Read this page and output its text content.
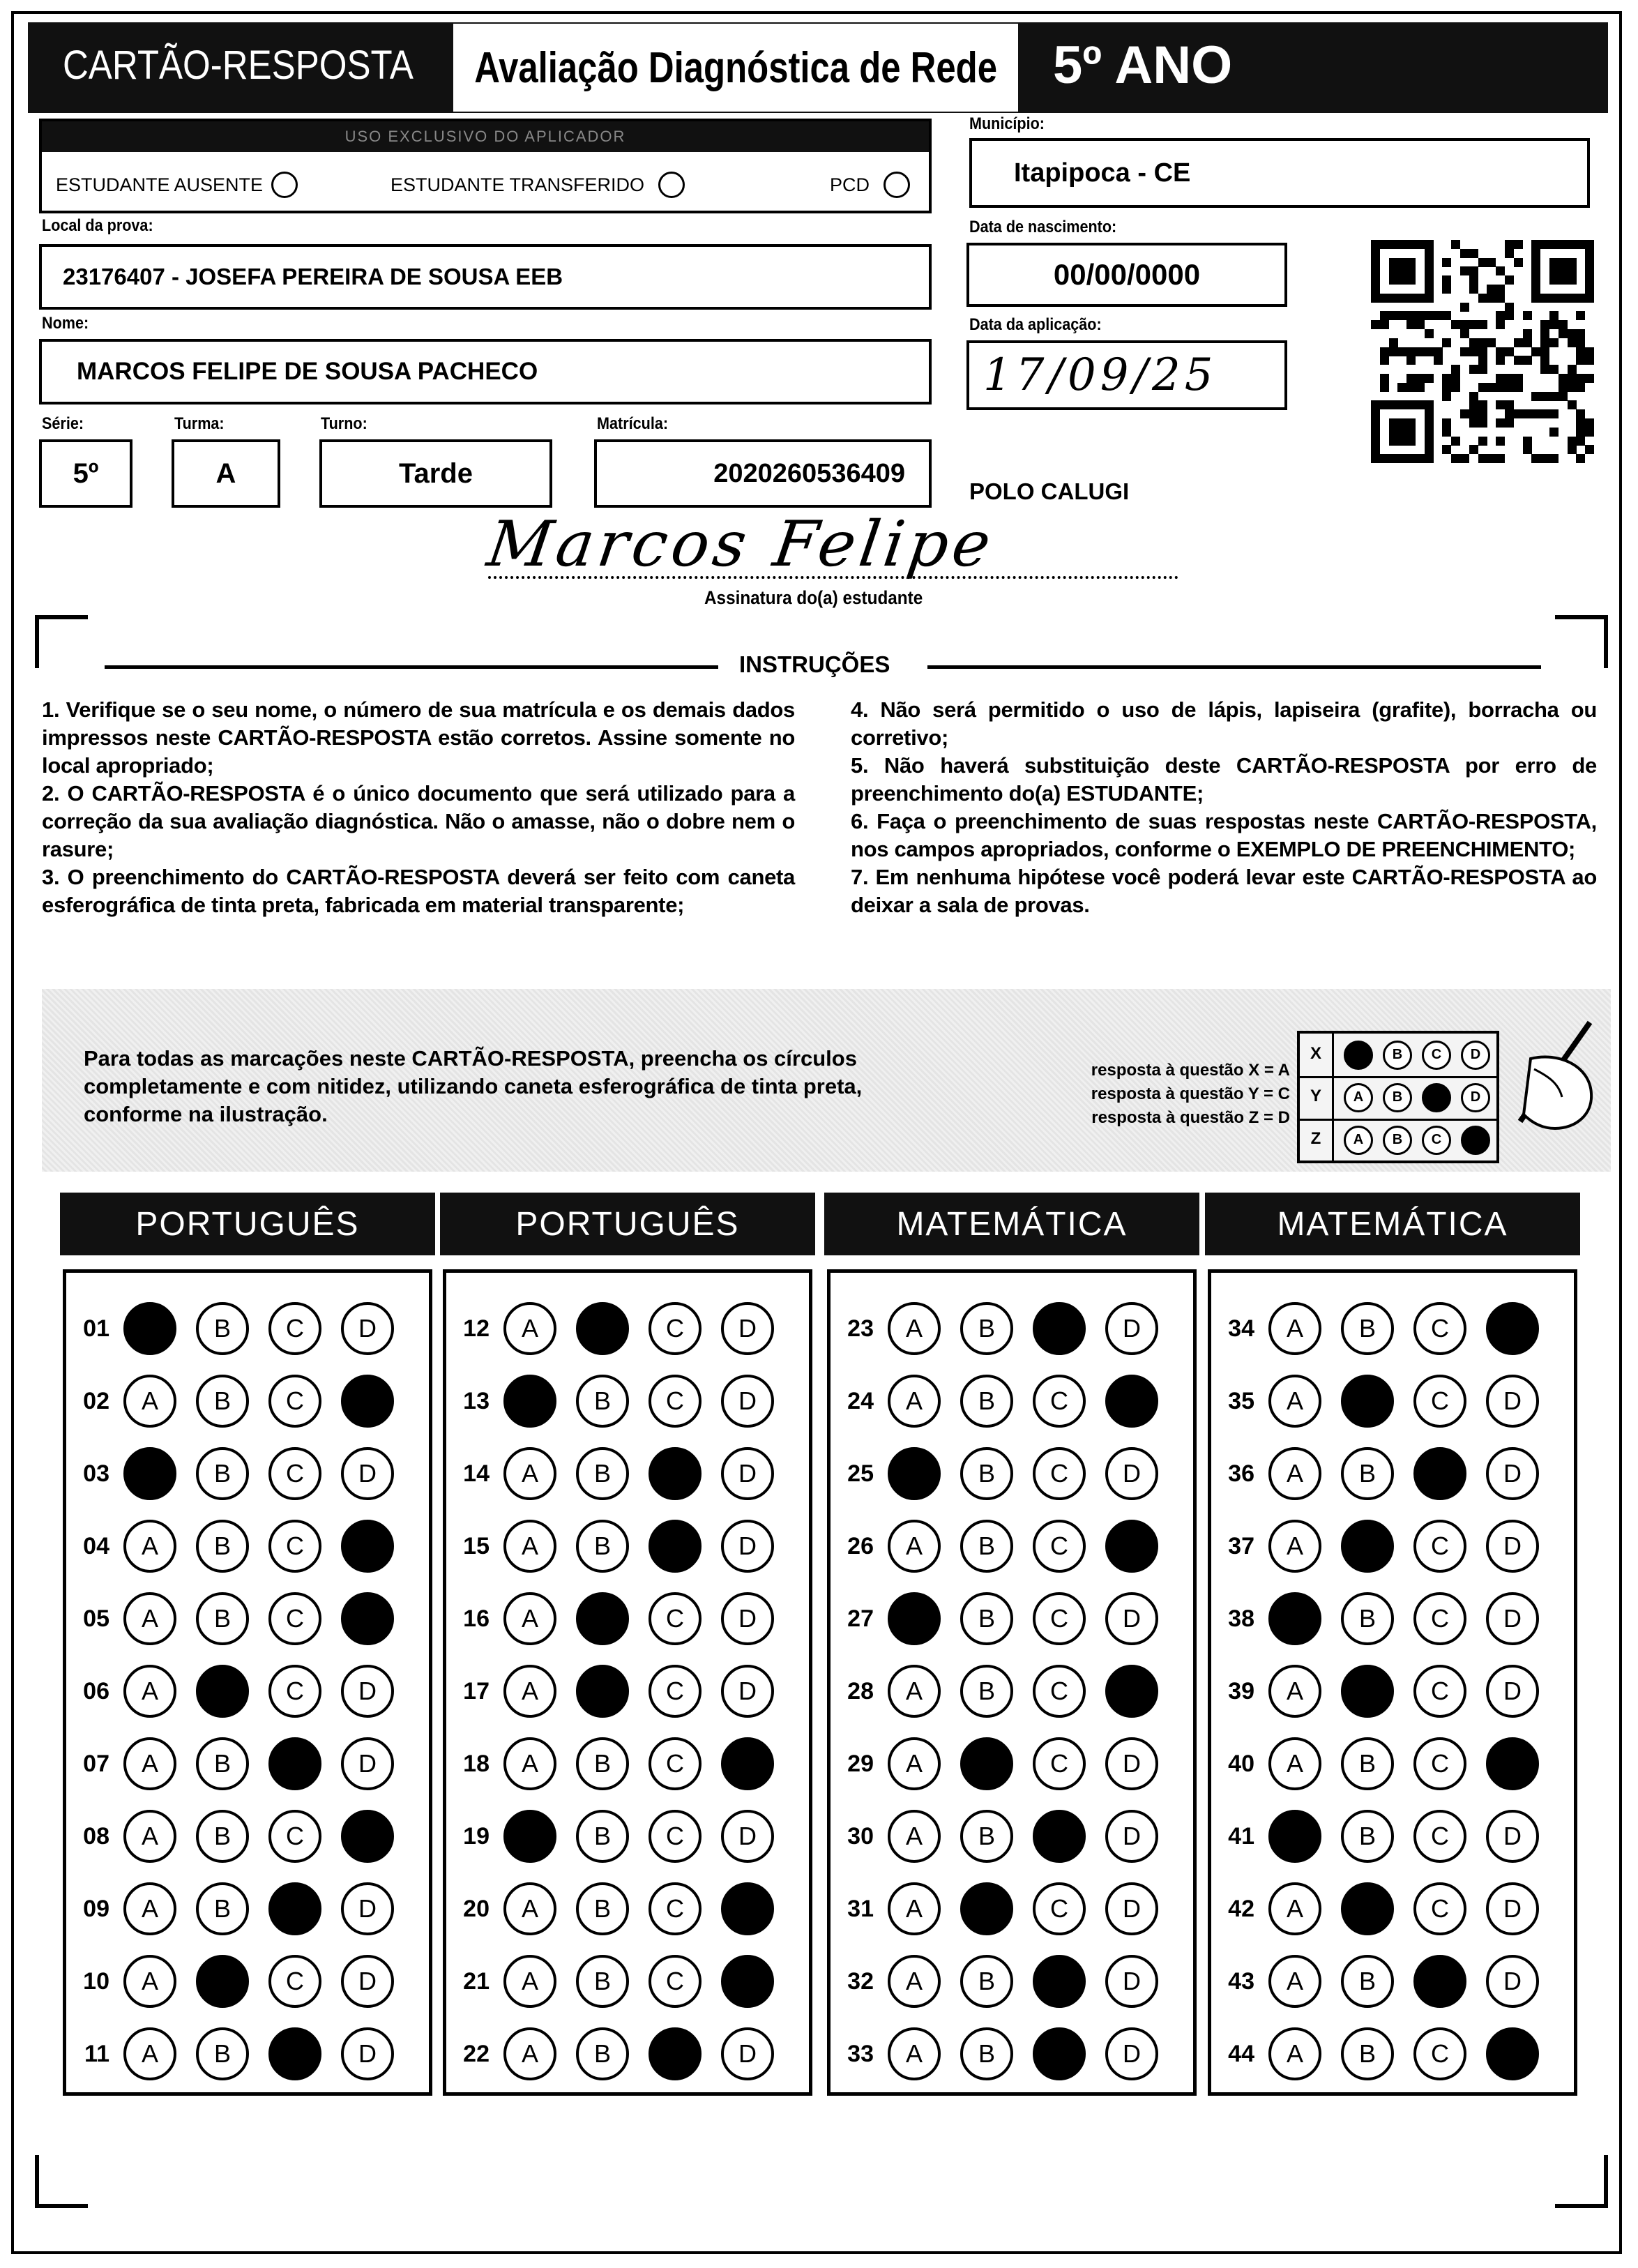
CARTÃO-RESPOSTA Avaliação Diagnóstica de Rede 5º ANO
USO EXCLUSIVO DO APLICADOR
ESTUDANTE AUSENTE	ESTUDANTE TRANSFERIDO	PCD
Município:
Itapipoca - CE
Local da prova:
23176407 - JOSEFA PEREIRA DE SOUSA EEB
Data de nascimento:
00/00/0000
Nome:
MARCOS FELIPE DE SOUSA PACHECO
Data da aplicação:
17/09/25
Série:
5º
Turma:
A
Turno:
Tarde
Matrícula:
2020260536409
POLO CALUGI
Marcos Felipe
Assinatura do(a) estudante
INSTRUÇÕES

1. Verifique se o seu nome, o número de sua matrícula e os demais dados impressos neste CARTÃO-RESPOSTA estão corretos. Assine somente no local apropriado;

2. O CARTÃO-RESPOSTA é o único documento que será utilizado para a correção da sua avaliação diagnóstica. Não o amasse, não o dobre nem o rasure;

3. O preenchimento do CARTÃO-RESPOSTA deverá ser feito com caneta esferográfica de tinta preta, fabricada em material transparente;

4. Não será permitido o uso de lápis, lapiseira (grafite), borracha ou corretivo;

5. Não haverá substituição deste CARTÃO-RESPOSTA por erro de preenchimento do(a) ESTUDANTE;

6. Faça o preenchimento de suas respostas neste CARTÃO-RESPOSTA, nos campos apropriados, conforme o EXEMPLO DE PREENCHIMENTO;

7. Em nenhuma hipótese você poderá levar este CARTÃO-RESPOSTA ao deixar a sala de provas.

Para todas as marcações neste CARTÃO-RESPOSTA, preencha os círculos completamente e com nitidez, utilizando caneta esferográfica de tinta preta, conforme na ilustração.
resposta à questão X = A
resposta à questão Y = C
resposta à questão Z = D
X	A	B	C	D
Y	A	B	C	D
Z	A	B	C	D
PORTUGUÊS
01	A	B	C	D
02	A	B	C	D
03	A	B	C	D
04	A	B	C	D
05	A	B	C	D
06	A	B	C	D
07	A	B	C	D
08	A	B	C	D
09	A	B	C	D
10	A	B	C	D
11	A	B	C	D
PORTUGUÊS
12	A	B	C	D
13	A	B	C	D
14	A	B	C	D
15	A	B	C	D
16	A	B	C	D
17	A	B	C	D
18	A	B	C	D
19	A	B	C	D
20	A	B	C	D
21	A	B	C	D
22	A	B	C	D
MATEMÁTICA
23	A	B	C	D
24	A	B	C	D
25	A	B	C	D
26	A	B	C	D
27	A	B	C	D
28	A	B	C	D
29	A	B	C	D
30	A	B	C	D
31	A	B	C	D
32	A	B	C	D
33	A	B	C	D
MATEMÁTICA
34	A	B	C	D
35	A	B	C	D
36	A	B	C	D
37	A	B	C	D
38	A	B	C	D
39	A	B	C	D
40	A	B	C	D
41	A	B	C	D
42	A	B	C	D
43	A	B	C	D
44	A	B	C	D
